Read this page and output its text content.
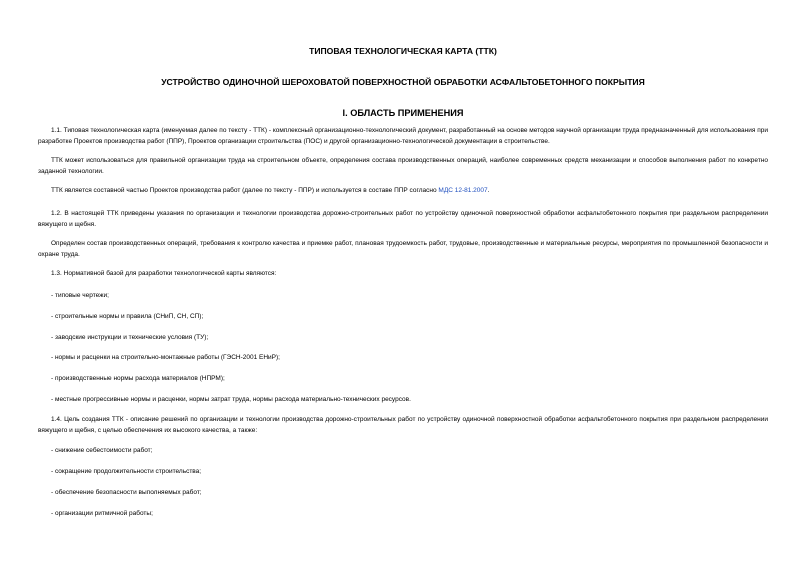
ТИПОВАЯ ТЕХНОЛОГИЧЕСКАЯ КАРТА (ТТК)
УСТРОЙСТВО ОДИНОЧНОЙ ШЕРОХОВАТОЙ ПОВЕРХНОСТНОЙ ОБРАБОТКИ АСФАЛЬТОБЕТОННОГО ПОКРЫТИЯ
I. ОБЛАСТЬ ПРИМЕНЕНИЯ

1.1. Типовая технологическая карта (именуемая далее по тексту - ТТК) - комплексный организационно-технологический документ, разработанный на основе методов научной организации труда предназначенный для использования при разработке Проектов производства работ (ППР), Проектов организации строительства (ПОС) и другой организационно-технологической документации в строительстве.

ТТК может использоваться для правильной организации труда на строительном объекте, определения состава производственных операций, наиболее современных средств механизации и способов выполнения работ по конкретно заданной технологии.

ТТК является составной частью Проектов производства работ (далее по тексту - ППР) и используется в составе ППР согласно МДС 12-81.2007.

1.2. В настоящей ТТК приведены указания по организации и технологии производства дорожно-строительных работ по устройству одиночной поверхностной обработки асфальтобетонного покрытия при раздельном распределении вяжущего и щебня.

Определен состав производственных операций, требования к контролю качества и приемке работ, плановая трудоемкость работ, трудовые, производственные и материальные ресурсы, мероприятия по промышленной безопасности и охране труда.

1.3. Нормативной базой для разработки технологической карты являются:

- типовые чертежи;

- строительные нормы и правила (СНиП, СН, СП);

- заводские инструкции и технические условия (ТУ);

- нормы и расценки на строительно-монтажные работы (ГЭСН-2001 ЕНиР);

- производственные нормы расхода материалов (НПРМ);

- местные прогрессивные нормы и расценки, нормы затрат труда, нормы расхода материально-технических ресурсов.

1.4. Цель создания ТТК - описание решений по организации и технологии производства дорожно-строительных работ по устройству одиночной поверхностной обработки асфальтобетонного покрытия при раздельном распределении вяжущего и щебня, с целью обеспечения их высокого качества, а также:

- снижение себестоимости работ;

- сокращение продолжительности строительства;

- обеспечение безопасности выполняемых работ;

- организации ритмичной работы;
